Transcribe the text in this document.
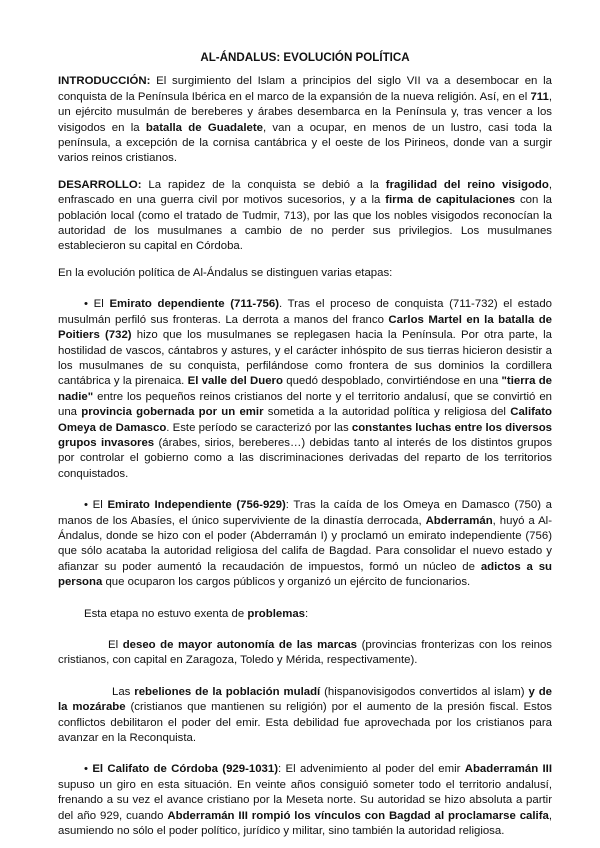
AL-ÁNDALUS: EVOLUCIÓN POLÍTICA

INTRODUCCIÓN: El surgimiento del Islam a principios del siglo VII va a desembocar en la conquista de la Península Ibérica en el marco de la expansión de la nueva religión. Así, en el 711, un ejército musulmán de bereberes y árabes desembarca en la Península y, tras vencer a los visigodos en la batalla de Guadalete, van a ocupar, en menos de un lustro, casi toda la península, a excepción de la cornisa cantábrica y el oeste de los Pirineos, donde van a surgir varios reinos cristianos.

DESARROLLO: La rapidez de la conquista se debió a la fragilidad del reino visigodo, enfrascado en una guerra civil por motivos sucesorios, y a la firma de capitulaciones con la población local (como el tratado de Tudmir, 713), por las que los nobles visigodos reconocían la autoridad de los musulmanes a cambio de no perder sus privilegios. Los musulmanes establecieron su capital en Córdoba.

En la evolución política de Al-Ándalus se distinguen varias etapas:

• El Emirato dependiente (711-756). Tras el proceso de conquista (711-732) el estado musulmán perfiló sus fronteras. La derrota a manos del franco Carlos Martel en la batalla de Poitiers (732) hizo que los musulmanes se replegasen hacia la Península. Por otra parte, la hostilidad de vascos, cántabros y astures, y el carácter inhóspito de sus tierras hicieron desistir a los musulmanes de su conquista, perfilándose como frontera de sus dominios la cordillera cantábrica y la pirenaica. El valle del Duero quedó despoblado, convirtiéndose en una "tierra de nadie" entre los pequeños reinos cristianos del norte y el territorio andalusí, que se convirtió en una provincia gobernada por un emir sometida a la autoridad política y religiosa del Califato Omeya de Damasco. Este período se caracterizó por las constantes luchas entre los diversos grupos invasores (árabes, sirios, bereberes…) debidas tanto al interés de los distintos grupos por controlar el gobierno como a las discriminaciones derivadas del reparto de los territorios conquistados.

• El Emirato Independiente (756-929): Tras la caída de los Omeya en Damasco (750) a manos de los Abasíes, el único superviviente de la dinastía derrocada, Abderramán, huyó a Al-Ándalus, donde se hizo con el poder (Abderramán I) y proclamó un emirato independiente (756) que sólo acataba la autoridad religiosa del califa de Bagdad. Para consolidar el nuevo estado y afianzar su poder aumentó la recaudación de impuestos, formó un núcleo de adictos a su persona que ocuparon los cargos públicos y organizó un ejército de funcionarios.

Esta etapa no estuvo exenta de problemas:

El deseo de mayor autonomía de las marcas (provincias fronterizas con los reinos cristianos, con capital en Zaragoza, Toledo y Mérida, respectivamente).

Las rebeliones de la población muladí (hispanovisigodos convertidos al islam) y de la mozárabe (cristianos que mantienen su religión) por el aumento de la presión fiscal. Estos conflictos debilitaron el poder del emir. Esta debilidad fue aprovechada por los cristianos para avanzar en la Reconquista.

• El Califato de Córdoba (929-1031): El advenimiento al poder del emir Abaderramán III supuso un giro en esta situación. En veinte años consiguió someter todo el territorio andalusí, frenando a su vez el avance cristiano por la Meseta norte. Su autoridad se hizo absoluta a partir del año 929, cuando Abderramán III rompió los vínculos con Bagdad al proclamarse califa, asumiendo no sólo el poder político, jurídico y militar, sino también la autoridad religiosa.
